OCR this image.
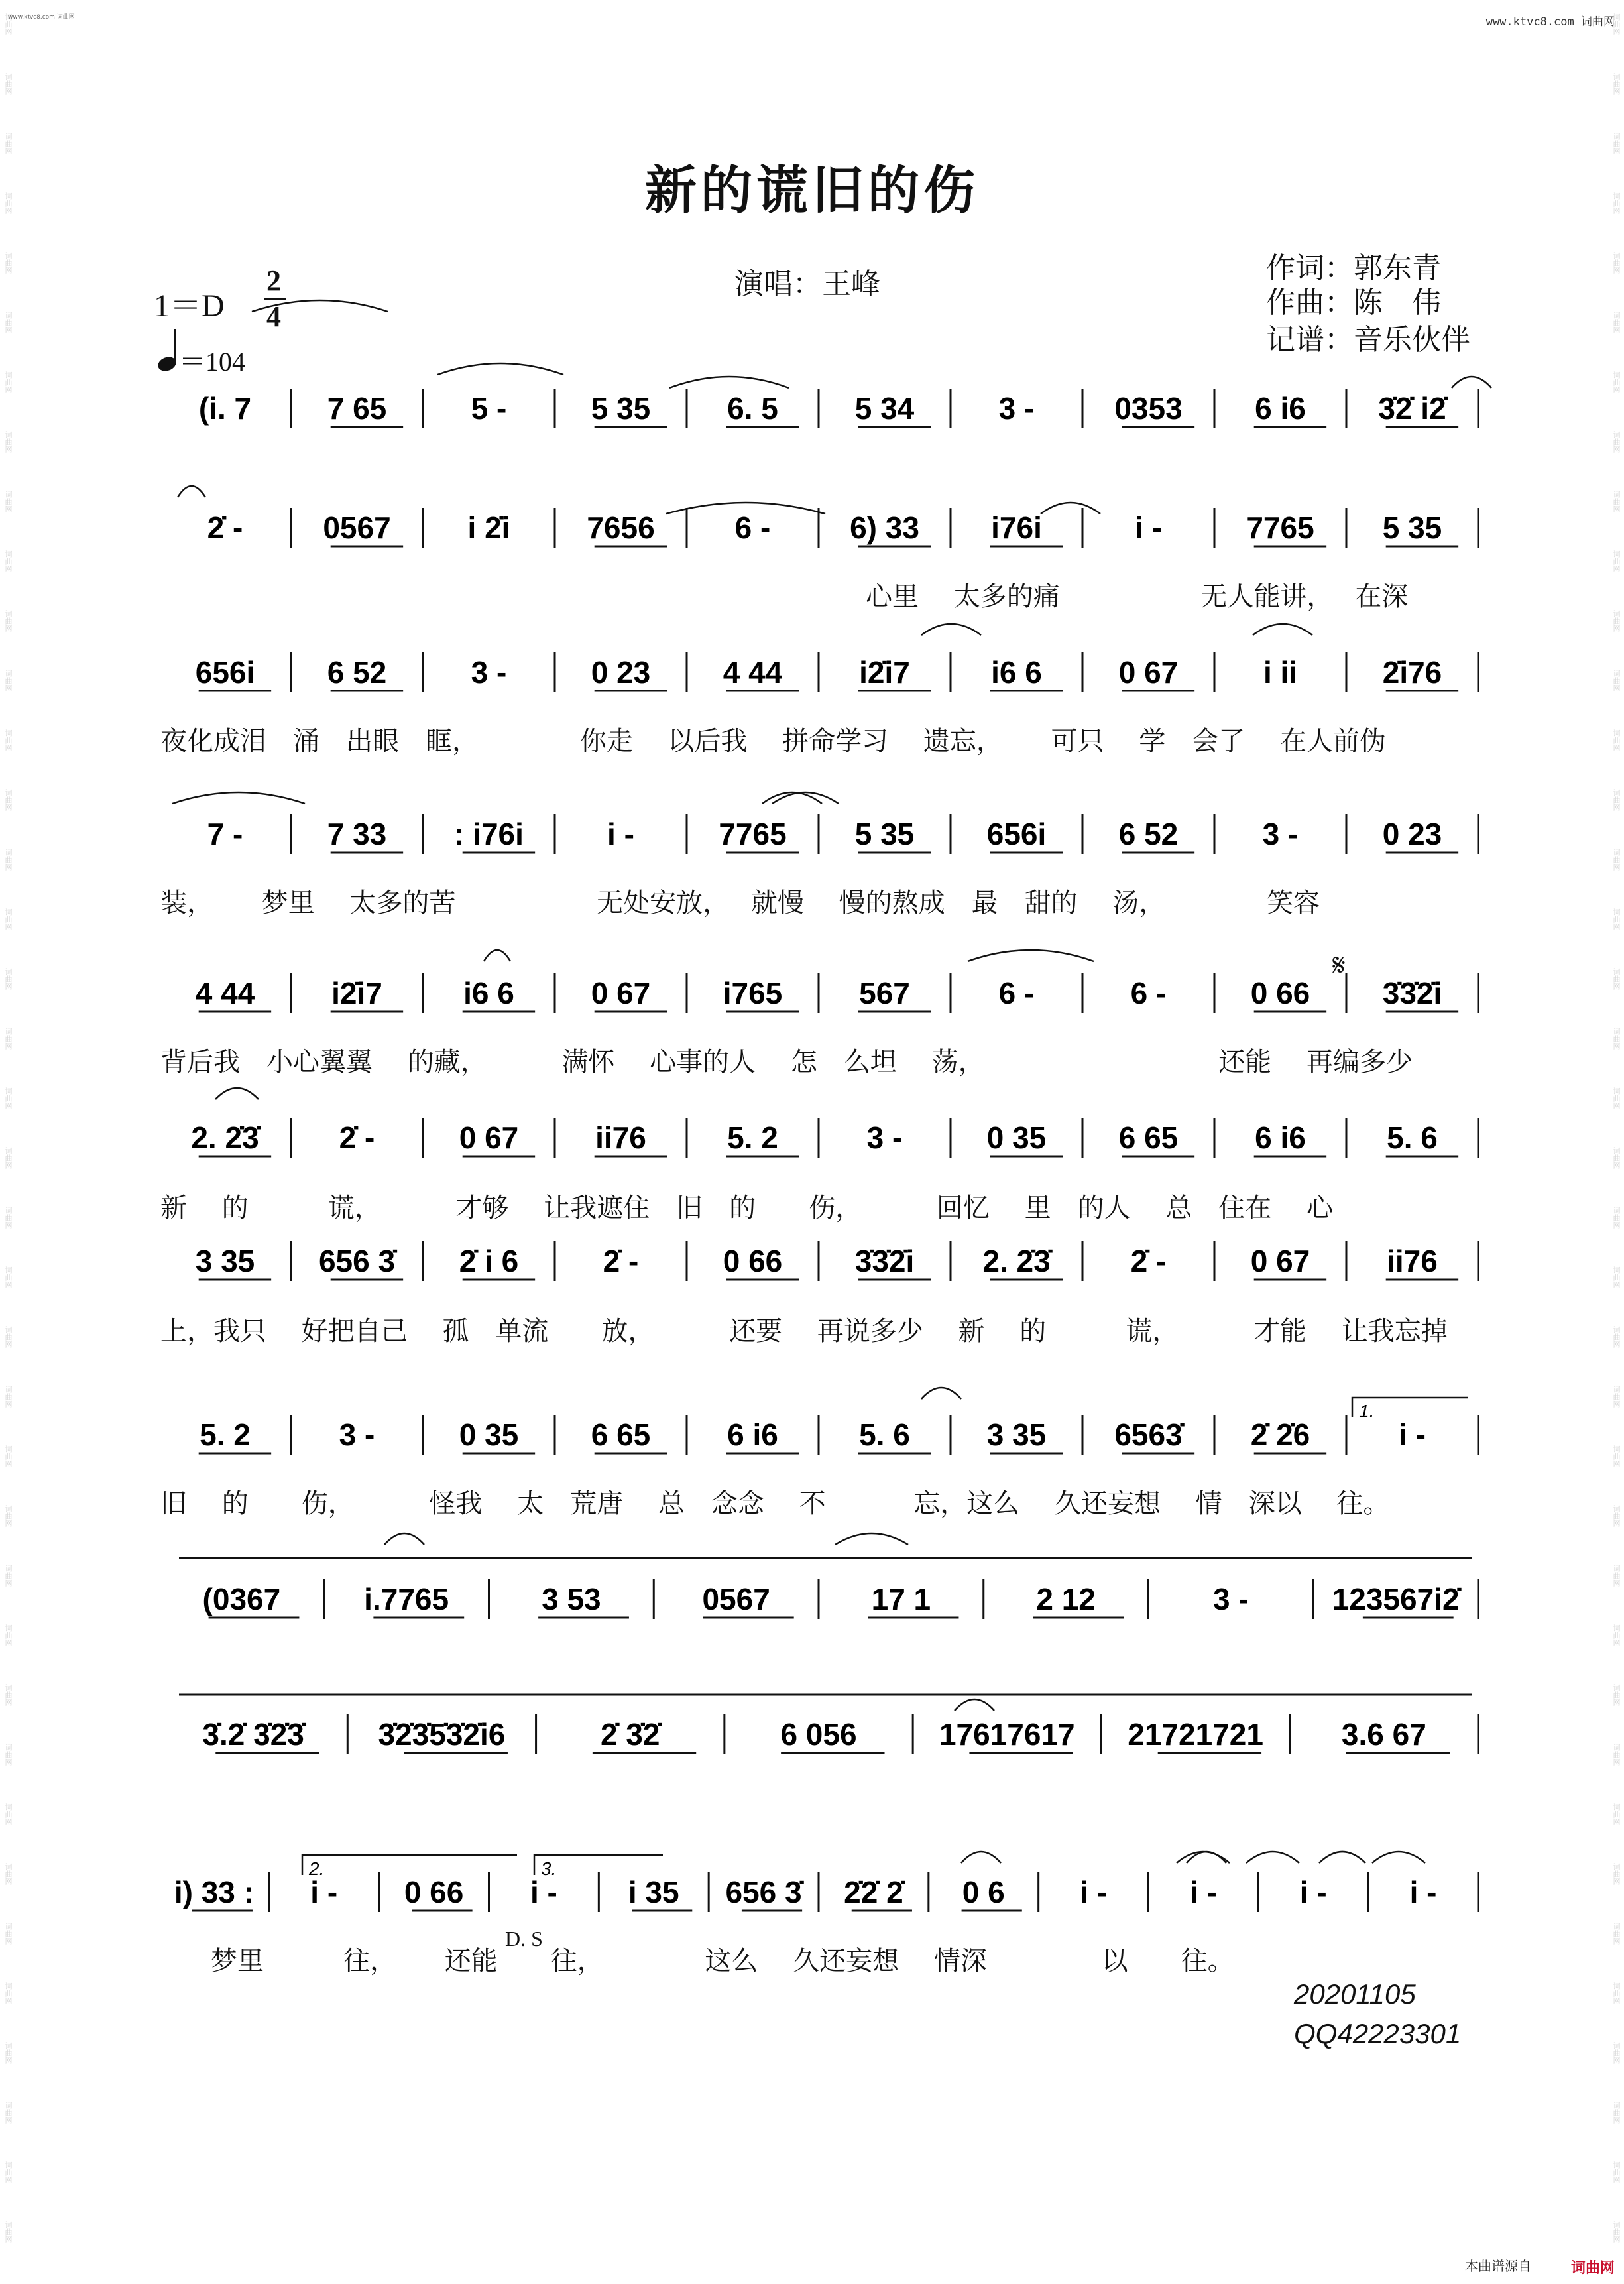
词曲网
词曲网
词曲网
词曲网
词曲网
词曲网
词曲网
词曲网
词曲网
词曲网
词曲网
词曲网
词曲网
词曲网
词曲网
词曲网
词曲网
词曲网
词曲网
词曲网
词曲网
词曲网
词曲网
词曲网
词曲网
词曲网
词曲网
词曲网
词曲网
词曲网
词曲网
词曲网
词曲网
词曲网
词曲网
词曲网
词曲网
词曲网
词曲网
词曲网
词曲网
词曲网
词曲网
词曲网
词曲网
词曲网
词曲网
词曲网
词曲网
词曲网
词曲网
词曲网
词曲网
词曲网
词曲网
词曲网
词曲网
词曲网
词曲网
词曲网
词曲网
词曲网
词曲网
词曲网
词曲网
词曲网
词曲网
词曲网
词曲网
词曲网
词曲网
词曲网
词曲网
词曲网
词曲网
词曲网
www.ktvc8.com 词曲网	www.ktvc8.com 词曲网
新的谎旧的伤
演唱：王峰	作词：郭东青
作曲：陈　伟
记谱：音乐伙伴
1＝D
2
4
＝104
(i. 7 7 65	5 -	5 35	6. 5	5 34	3 -	0353 6 i6 3̇2̇ i2̇
2̇ -	0567	i 2̇i	7656	6 -	6) 33 i76i	i -	7765 5 35
656i 6 52	3 -	0 23 4 44	i2̇i7	i6 6	0 67	i ii	2̇i76
7 -	7 33 : i76i	i -	7765 5 35 656i 6 52	3 -	0 23
4 44	i2̇i7	i6 6	0 67 i765	567	6 -	6 -	0 66 3̇3̇2̇i
2. 2̇3̇	2̇ -	0 67	ii76	5. 2	3 -	0 35 6 65	6 i6	5. 6
3 35 656 3̇ 2̇ i 6	2̇ -	0 66 3̇3̇2̇i 2. 2̇3̇	2̇ -	0 67	ii76
5. 2	3 -	0 35 6 65	6 i6	5. 6	3 35 6563̇ 2̇ 2̇6	i -
(0367	i.7765	3 53	0567	17 1	2 12	3 -	123567i2̇
3̇.2̇ 3̇2̇3̇ 3̇2̇3̇5̇3̇2̇i6	2̇ 3̇2̇	6 056	17617617 21721721	3.6 67
i) 33 : i - 0 66 i - i 35 656 3̇ 2̇2̇ 2̇ 0 6 i -	i -	i -	i -
1.
2.	3.
心里　 太多的痛　　　　　 无人能讲，　 在深
夜化成泪　涌　出眼　眶，　　　　 你走　 以后我　 拼命学习　 遗忘，　　 可只　 学　会了　 在人前伪
装，　　 梦里　 太多的苦　　　　　 无处安放，　 就慢　 慢的熬成　最　甜的　 汤，　　　　 笑容
背后我　小心翼翼　 的藏，　　　 满怀　 心事的人　 怎　么坦　 荡，　　　　　　　　　 还能　 再编多少
新　 的　　　谎，　　　 才够　 让我遮住　旧　的　　伤，　　　 回忆　 里　的人　 总　住在　 心
上，我只　 好把自己　 孤　单流　　放，　　　 还要　 再说多少　 新　 的　　　谎，　　　 才能　 让我忘掉
旧　 的　　伤，　　　 怪我　 太　荒唐　 总　念念　 不　　　 忘，这么　 久还妄想　 情　深以　 往。
梦里　　　往，　　 还能　　往，　　　　 这么　 久还妄想　 情深　　　　 以　　往。
D. S
𝄋
20201105
QQ42223301
本曲谱源自	词曲网
